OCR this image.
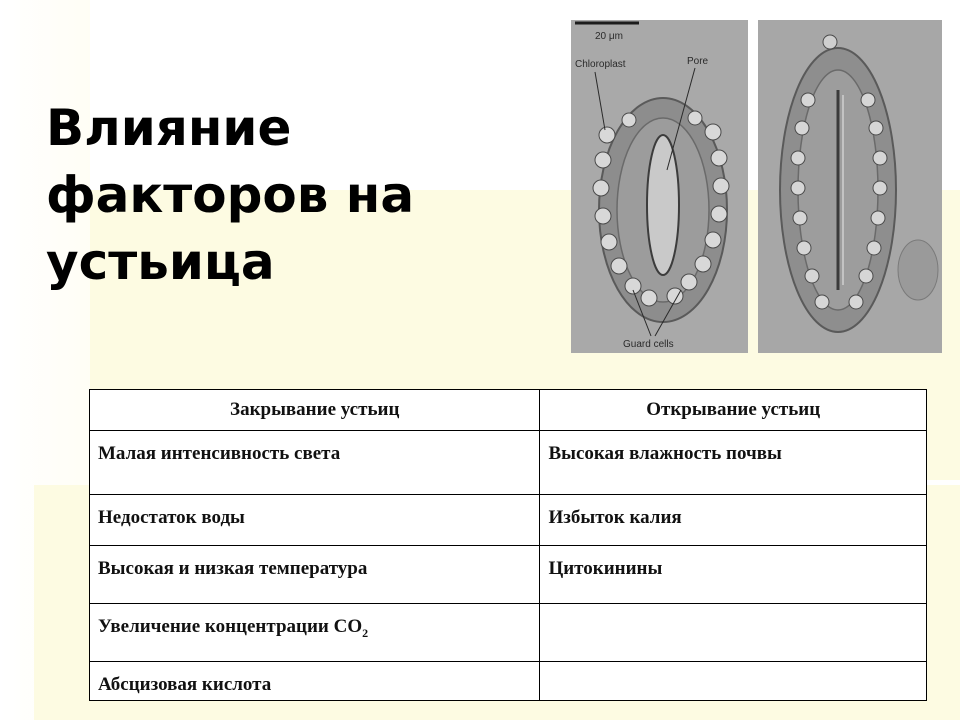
Влияние факторов на устьица
20 μm
Chloroplast	Pore
Guard cells
Закрывание устьиц	Открывание устьиц
Малая интенсивность света	Высокая влажность почвы
Недостаток воды	Избыток калия
Высокая и низкая температура	Цитокинины
Увеличение концентрации $CO_2$	
Абсцизовая кислота	
